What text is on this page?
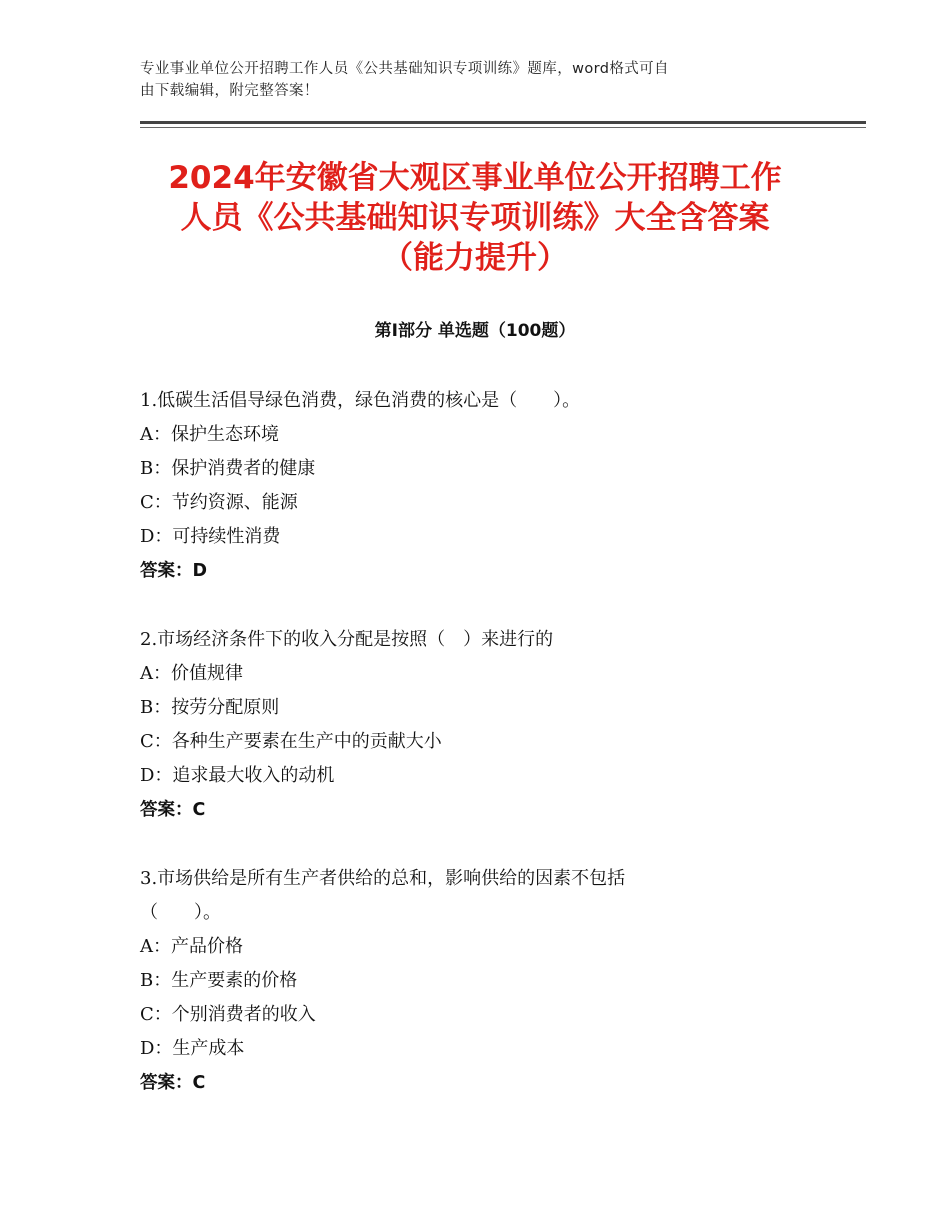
专业事业单位公开招聘工作人员《公共基础知识专项训练》题库，word格式可自
由下载编辑，附完整答案！
2024年安徽省大观区事业单位公开招聘工作
人员《公共基础知识专项训练》大全含答案
（能力提升）
第Ⅰ部分 单选题（100题）
1.低碳生活倡导绿色消费，绿色消费的核心是（　　）。
A：保护生态环境
B：保护消费者的健康
C：节约资源、能源
D：可持续性消费
答案：D
2.市场经济条件下的收入分配是按照（　）来进行的
A：价值规律
B：按劳分配原则
C：各种生产要素在生产中的贡献大小
D：追求最大收入的动机
答案：C
3.市场供给是所有生产者供给的总和，影响供给的因素不包括
（　　）。
A：产品价格
B：生产要素的价格
C：个别消费者的收入
D：生产成本
答案：C
